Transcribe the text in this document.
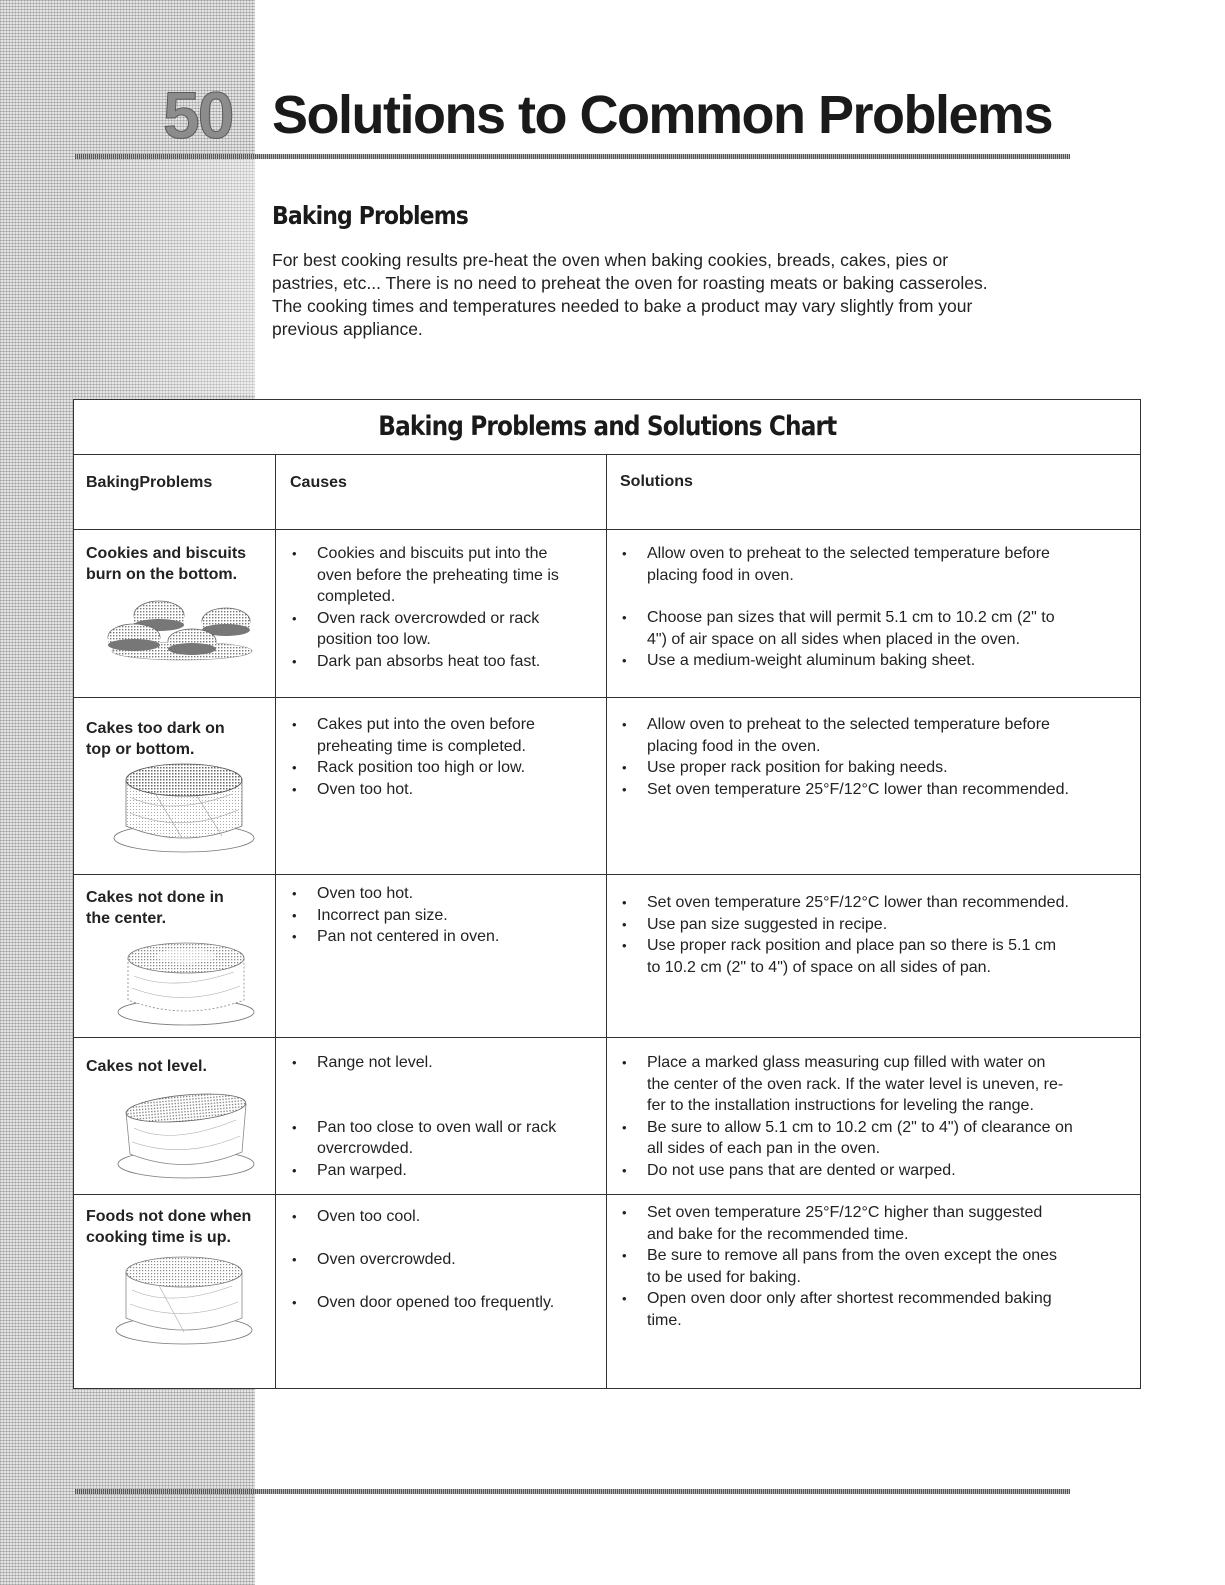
50 Solutions to Common Problems
Baking Problems

For best cooking results pre-heat the oven when baking cookies, breads, cakes, pies or
pastries, etc... There is no need to preheat the oven for roasting meats or baking casseroles.
The cooking times and temperatures needed to bake a product may vary slightly from your
previous appliance.

Baking Problems and Solutions Chart
BakingProblems	Causes	Solutions
Cookies and biscuits
burn on the bottom.
• Cookies and biscuits put into the
oven before the preheating time is
completed.
• Oven rack overcrowded or rack
position too low.
• Dark pan absorbs heat too fast.
• Allow oven to preheat to the selected temperature before
placing food in oven.
• Choose pan sizes that will permit 5.1 cm to 10.2 cm (2" to
4") of air space on all sides when placed in the oven.
• Use a medium-weight aluminum baking sheet.
Cakes too dark on
top or bottom.
• Cakes put into the oven before
preheating time is completed.
• Rack position too high or low.
• Oven too hot.
• Allow oven to preheat to the selected temperature before
placing food in the oven.
• Use proper rack position for baking needs.
• Set oven temperature 25°F/12°C lower than recommended.
Cakes not done in
the center.
• Oven too hot.
• Incorrect pan size.
• Pan not centered in oven.
• Set oven temperature 25°F/12°C lower than recommended.
• Use pan size suggested in recipe.
• Use proper rack position and place pan so there is 5.1 cm
to 10.2 cm (2" to 4") of space on all sides of pan.
Cakes not level.
•	Range not level.
• Pan too close to oven wall or rack
overcrowded.
• Pan warped.
• Place a marked glass measuring cup filled with water on
the center of the oven rack. If the water level is uneven, re-
fer to the installation instructions for leveling the range.
• Be sure to allow 5.1 cm to 10.2 cm (2" to 4") of clearance on
all sides of each pan in the oven.
• Do not use pans that are dented or warped.
Foods not done when
cooking time is up.
• Oven too cool.
• Oven overcrowded.
• Oven door opened too frequently.
• Set oven temperature 25°F/12°C higher than suggested
and bake for the recommended time.
• Be sure to remove all pans from the oven except the ones
to be used for baking.
• Open oven door only after shortest recommended baking
time.
